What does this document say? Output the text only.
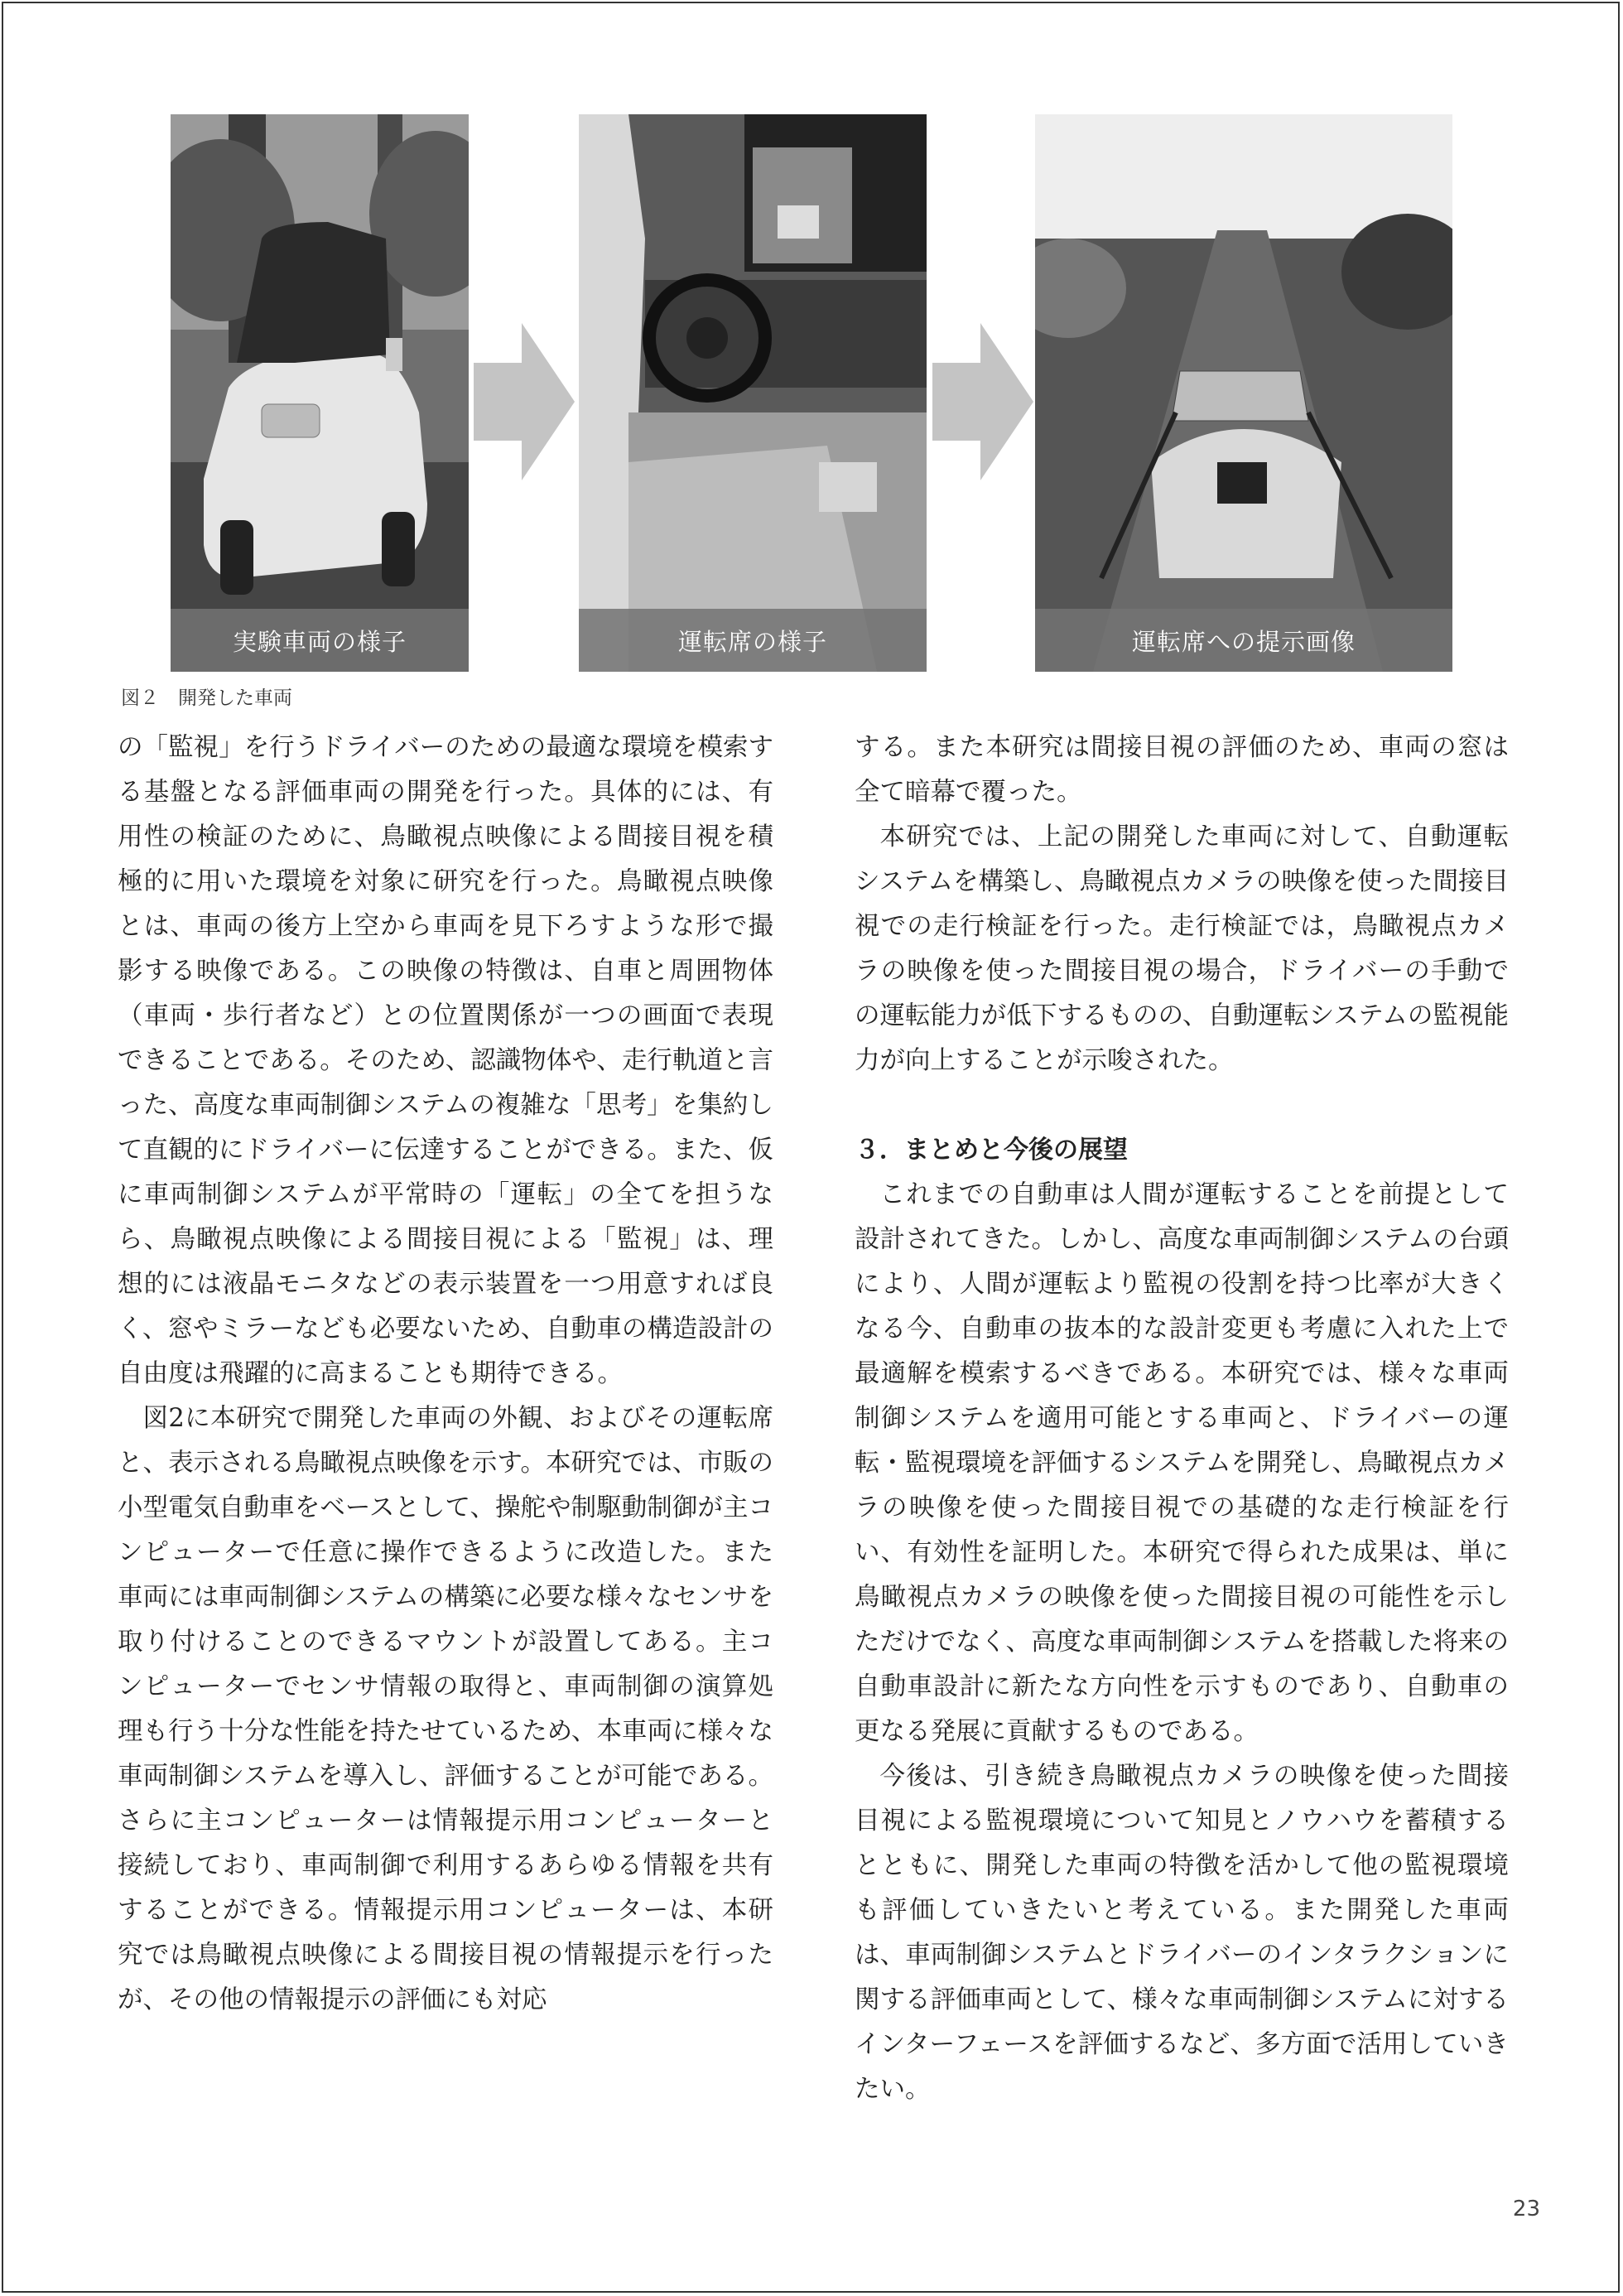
実験車両の様子	運転席の様子	運転席への提示画像
図２　開発した車両

の「監視」を行うドライバーのための最適な環境を模索する基盤となる評価車両の開発を行った。具体的には、有用性の検証のために、鳥瞰視点映像による間接目視を積極的に用いた環境を対象に研究を行った。鳥瞰視点映像とは、車両の後方上空から車両を見下ろすような形で撮影する映像である。この映像の特徴は、自車と周囲物体（車両・歩行者など）との位置関係が一つの画面で表現できることである。そのため、認識物体や、走行軌道と言った、高度な車両制御システムの複雑な「思考」を集約して直観的にドライバーに伝達することができる。また、仮に車両制御システムが平常時の「運転」の全てを担うなら、鳥瞰視点映像による間接目視による「監視」は、理想的には液晶モニタなどの表示装置を一つ用意すれば良く、窓やミラーなども必要ないため、自動車の構造設計の自由度は飛躍的に高まることも期待できる。

図2に本研究で開発した車両の外観、およびその運転席と、表示される鳥瞰視点映像を示す。本研究では、市販の小型電気自動車をベースとして、操舵や制駆動制御が主コンピューターで任意に操作できるように改造した。また車両には車両制御システムの構築に必要な様々なセンサを取り付けることのできるマウントが設置してある。主コンピューターでセンサ情報の取得と、車両制御の演算処理も行う十分な性能を持たせているため、本車両に様々な車両制御システムを導入し、評価することが可能である。さらに主コンピューターは情報提示用コンピューターと接続しており、車両制御で利用するあらゆる情報を共有することができる。情報提示用コンピューターは、本研究では鳥瞰視点映像による間接目視の情報提示を行ったが、その他の情報提示の評価にも対応

する。また本研究は間接目視の評価のため、車両の窓は全て暗幕で覆った。

本研究では、上記の開発した車両に対して、自動運転システムを構築し、鳥瞰視点カメラの映像を使った間接目視での走行検証を行った。走行検証では，鳥瞰視点カメラの映像を使った間接目視の場合，ドライバーの手動での運転能力が低下するものの、自動運転システムの監視能力が向上することが示唆された。

３．まとめと今後の展望

これまでの自動車は人間が運転することを前提として設計されてきた。しかし、高度な車両制御システムの台頭により、人間が運転より監視の役割を持つ比率が大きくなる今、自動車の抜本的な設計変更も考慮に入れた上で最適解を模索するべきである。本研究では、様々な車両制御システムを適用可能とする車両と、ドライバーの運転・監視環境を評価するシステムを開発し、鳥瞰視点カメラの映像を使った間接目視での基礎的な走行検証を行い、有効性を証明した。本研究で得られた成果は、単に鳥瞰視点カメラの映像を使った間接目視の可能性を示しただけでなく、高度な車両制御システムを搭載した将来の自動車設計に新たな方向性を示すものであり、自動車の更なる発展に貢献するものである。

今後は、引き続き鳥瞰視点カメラの映像を使った間接目視による監視環境について知見とノウハウを蓄積するとともに、開発した車両の特徴を活かして他の監視環境も評価していきたいと考えている。また開発した車両は、車両制御システムとドライバーのインタラクションに関する評価車両として、様々な車両制御システムに対するインターフェースを評価するなど、多方面で活用していきたい。

23
